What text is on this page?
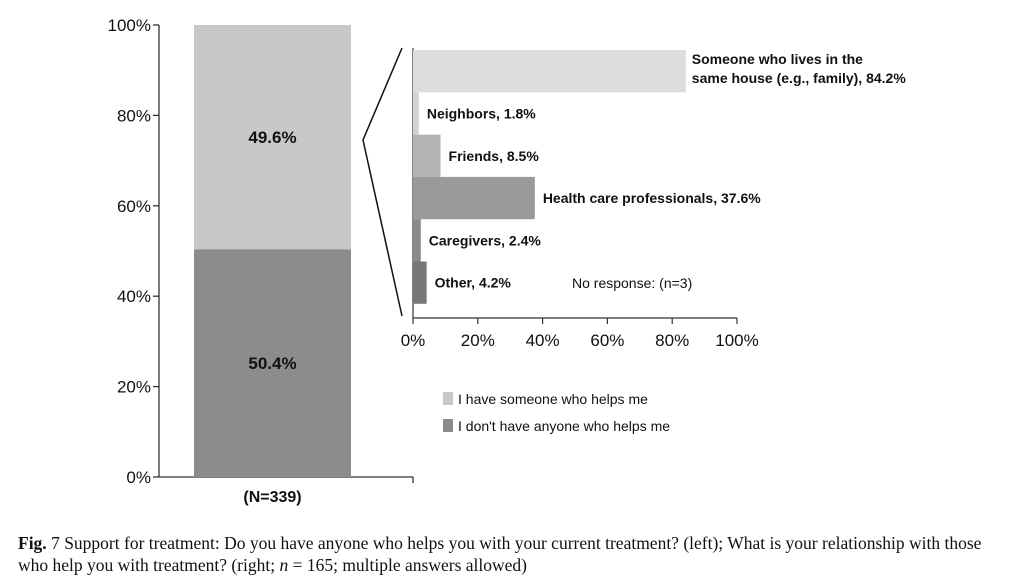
0%
20%
40%
60%
80%
100%
50.4%
49.6%
(N=339)
0% 20% 40% 60% 80% 100%
Someone who lives in the
same house (e.g., family), 84.2%
Neighbors, 1.8%
Friends, 8.5%
Health care professionals, 37.6%
Caregivers, 2.4%
Other, 4.2%	No response: (n=3)
I have someone who helps me
I don't have anyone who helps me
Fig. 7 Support for treatment: Do you have anyone who helps you with your current treatment? (left); What is your relationship with those who help you with treatment? (right; n = 165; multiple answers allowed)
